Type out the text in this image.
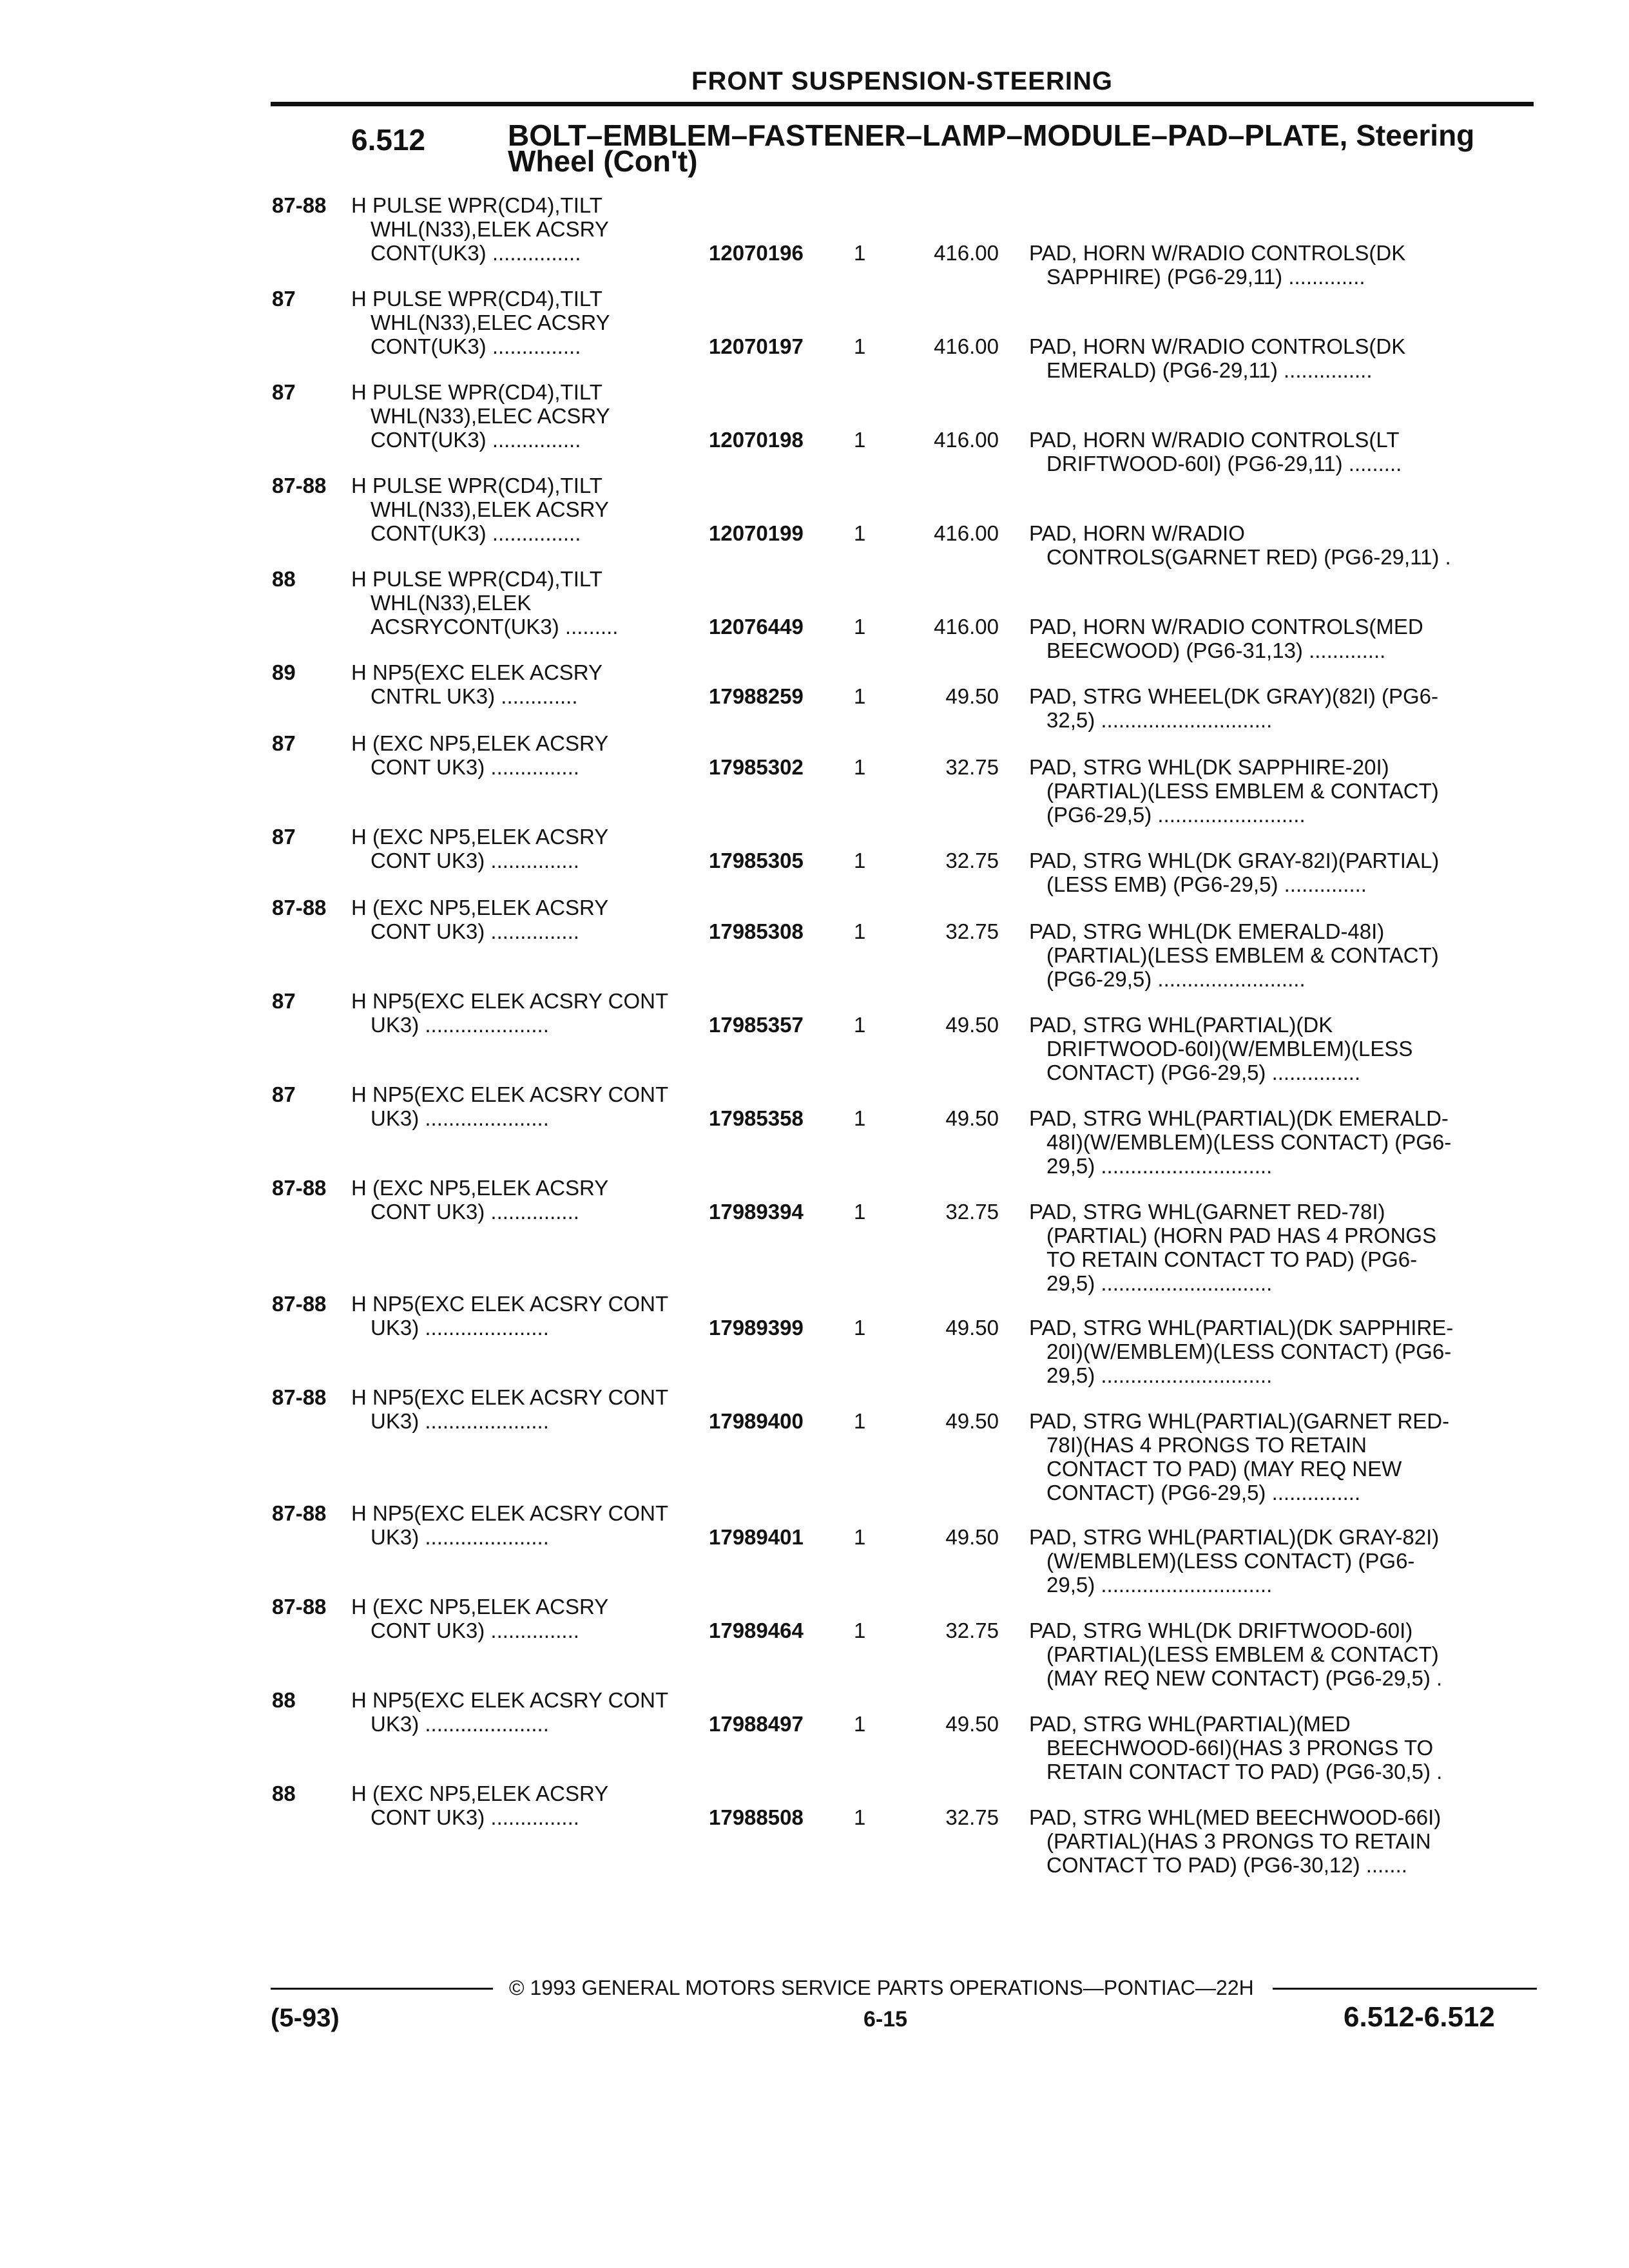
FRONT SUSPENSION-STEERING
6.512	BOLT–EMBLEM–FASTENER–LAMP–MODULE–PAD–PLATE, Steering
Wheel (Con't)
87-88 H PULSE WPR(CD4),TILT
WHL(N33),ELEK ACSRY
CONT(UK3) ...............	12070196	1	416.00 PAD, HORN W/RADIO CONTROLS(DK
SAPPHIRE) (PG6-29,11) .............
87	H PULSE WPR(CD4),TILT
WHL(N33),ELEC ACSRY
CONT(UK3) ...............	12070197	1	416.00 PAD, HORN W/RADIO CONTROLS(DK
EMERALD) (PG6-29,11) ...............
87	H PULSE WPR(CD4),TILT
WHL(N33),ELEC ACSRY
CONT(UK3) ...............	12070198	1	416.00 PAD, HORN W/RADIO CONTROLS(LT
DRIFTWOOD-60I) (PG6-29,11) .........
87-88 H PULSE WPR(CD4),TILT
WHL(N33),ELEK ACSRY
CONT(UK3) ...............	12070199	1	416.00 PAD, HORN W/RADIO
CONTROLS(GARNET RED) (PG6-29,11) .
88	H PULSE WPR(CD4),TILT
WHL(N33),ELEK
ACSRYCONT(UK3) .........	12076449	1	416.00 PAD, HORN W/RADIO CONTROLS(MED
BEECWOOD) (PG6-31,13) .............
89	H NP5(EXC ELEK ACSRY
CNTRL UK3) .............	17988259	1	49.50 PAD, STRG WHEEL(DK GRAY)(82I) (PG6-
32,5) .............................
87	H (EXC NP5,ELEK ACSRY
CONT UK3) ...............	17985302	1	32.75 PAD, STRG WHL(DK SAPPHIRE-20I)
(PARTIAL)(LESS EMBLEM & CONTACT)
(PG6-29,5) .........................
87	H (EXC NP5,ELEK ACSRY
CONT UK3) ...............	17985305	1	32.75 PAD, STRG WHL(DK GRAY-82I)(PARTIAL)
(LESS EMB) (PG6-29,5) ..............
87-88 H (EXC NP5,ELEK ACSRY
CONT UK3) ...............	17985308	1	32.75 PAD, STRG WHL(DK EMERALD-48I)
(PARTIAL)(LESS EMBLEM & CONTACT)
(PG6-29,5) .........................
87	H NP5(EXC ELEK ACSRY CONT
UK3) .....................	17985357	1	49.50 PAD, STRG WHL(PARTIAL)(DK
DRIFTWOOD-60I)(W/EMBLEM)(LESS
CONTACT) (PG6-29,5) ...............
87	H NP5(EXC ELEK ACSRY CONT
UK3) .....................	17985358	1	49.50 PAD, STRG WHL(PARTIAL)(DK EMERALD-
48I)(W/EMBLEM)(LESS CONTACT) (PG6-
29,5) .............................
87-88 H (EXC NP5,ELEK ACSRY
CONT UK3) ...............	17989394	1	32.75 PAD, STRG WHL(GARNET RED-78I)
(PARTIAL) (HORN PAD HAS 4 PRONGS
TO RETAIN CONTACT TO PAD) (PG6-
29,5) .............................
87-88 H NP5(EXC ELEK ACSRY CONT
UK3) .....................	17989399	1	49.50 PAD, STRG WHL(PARTIAL)(DK SAPPHIRE-
20I)(W/EMBLEM)(LESS CONTACT) (PG6-
29,5) .............................
87-88 H NP5(EXC ELEK ACSRY CONT
UK3) .....................	17989400	1	49.50 PAD, STRG WHL(PARTIAL)(GARNET RED-
78I)(HAS 4 PRONGS TO RETAIN
CONTACT TO PAD) (MAY REQ NEW
CONTACT) (PG6-29,5) ...............
87-88 H NP5(EXC ELEK ACSRY CONT
UK3) .....................	17989401	1	49.50 PAD, STRG WHL(PARTIAL)(DK GRAY-82I)
(W/EMBLEM)(LESS CONTACT) (PG6-
29,5) .............................
87-88 H (EXC NP5,ELEK ACSRY
CONT UK3) ...............	17989464	1	32.75 PAD, STRG WHL(DK DRIFTWOOD-60I)
(PARTIAL)(LESS EMBLEM & CONTACT)
(MAY REQ NEW CONTACT) (PG6-29,5) .
88	H NP5(EXC ELEK ACSRY CONT
UK3) .....................	17988497	1	49.50 PAD, STRG WHL(PARTIAL)(MED
BEECHWOOD-66I)(HAS 3 PRONGS TO
RETAIN CONTACT TO PAD) (PG6-30,5) .
88	H (EXC NP5,ELEK ACSRY
CONT UK3) ...............	17988508	1	32.75 PAD, STRG WHL(MED BEECHWOOD-66I)
(PARTIAL)(HAS 3 PRONGS TO RETAIN
CONTACT TO PAD) (PG6-30,12) .......
© 1993 GENERAL MOTORS SERVICE PARTS OPERATIONS—PONTIAC—22H
(5-93)	6-15	6.512-6.512
